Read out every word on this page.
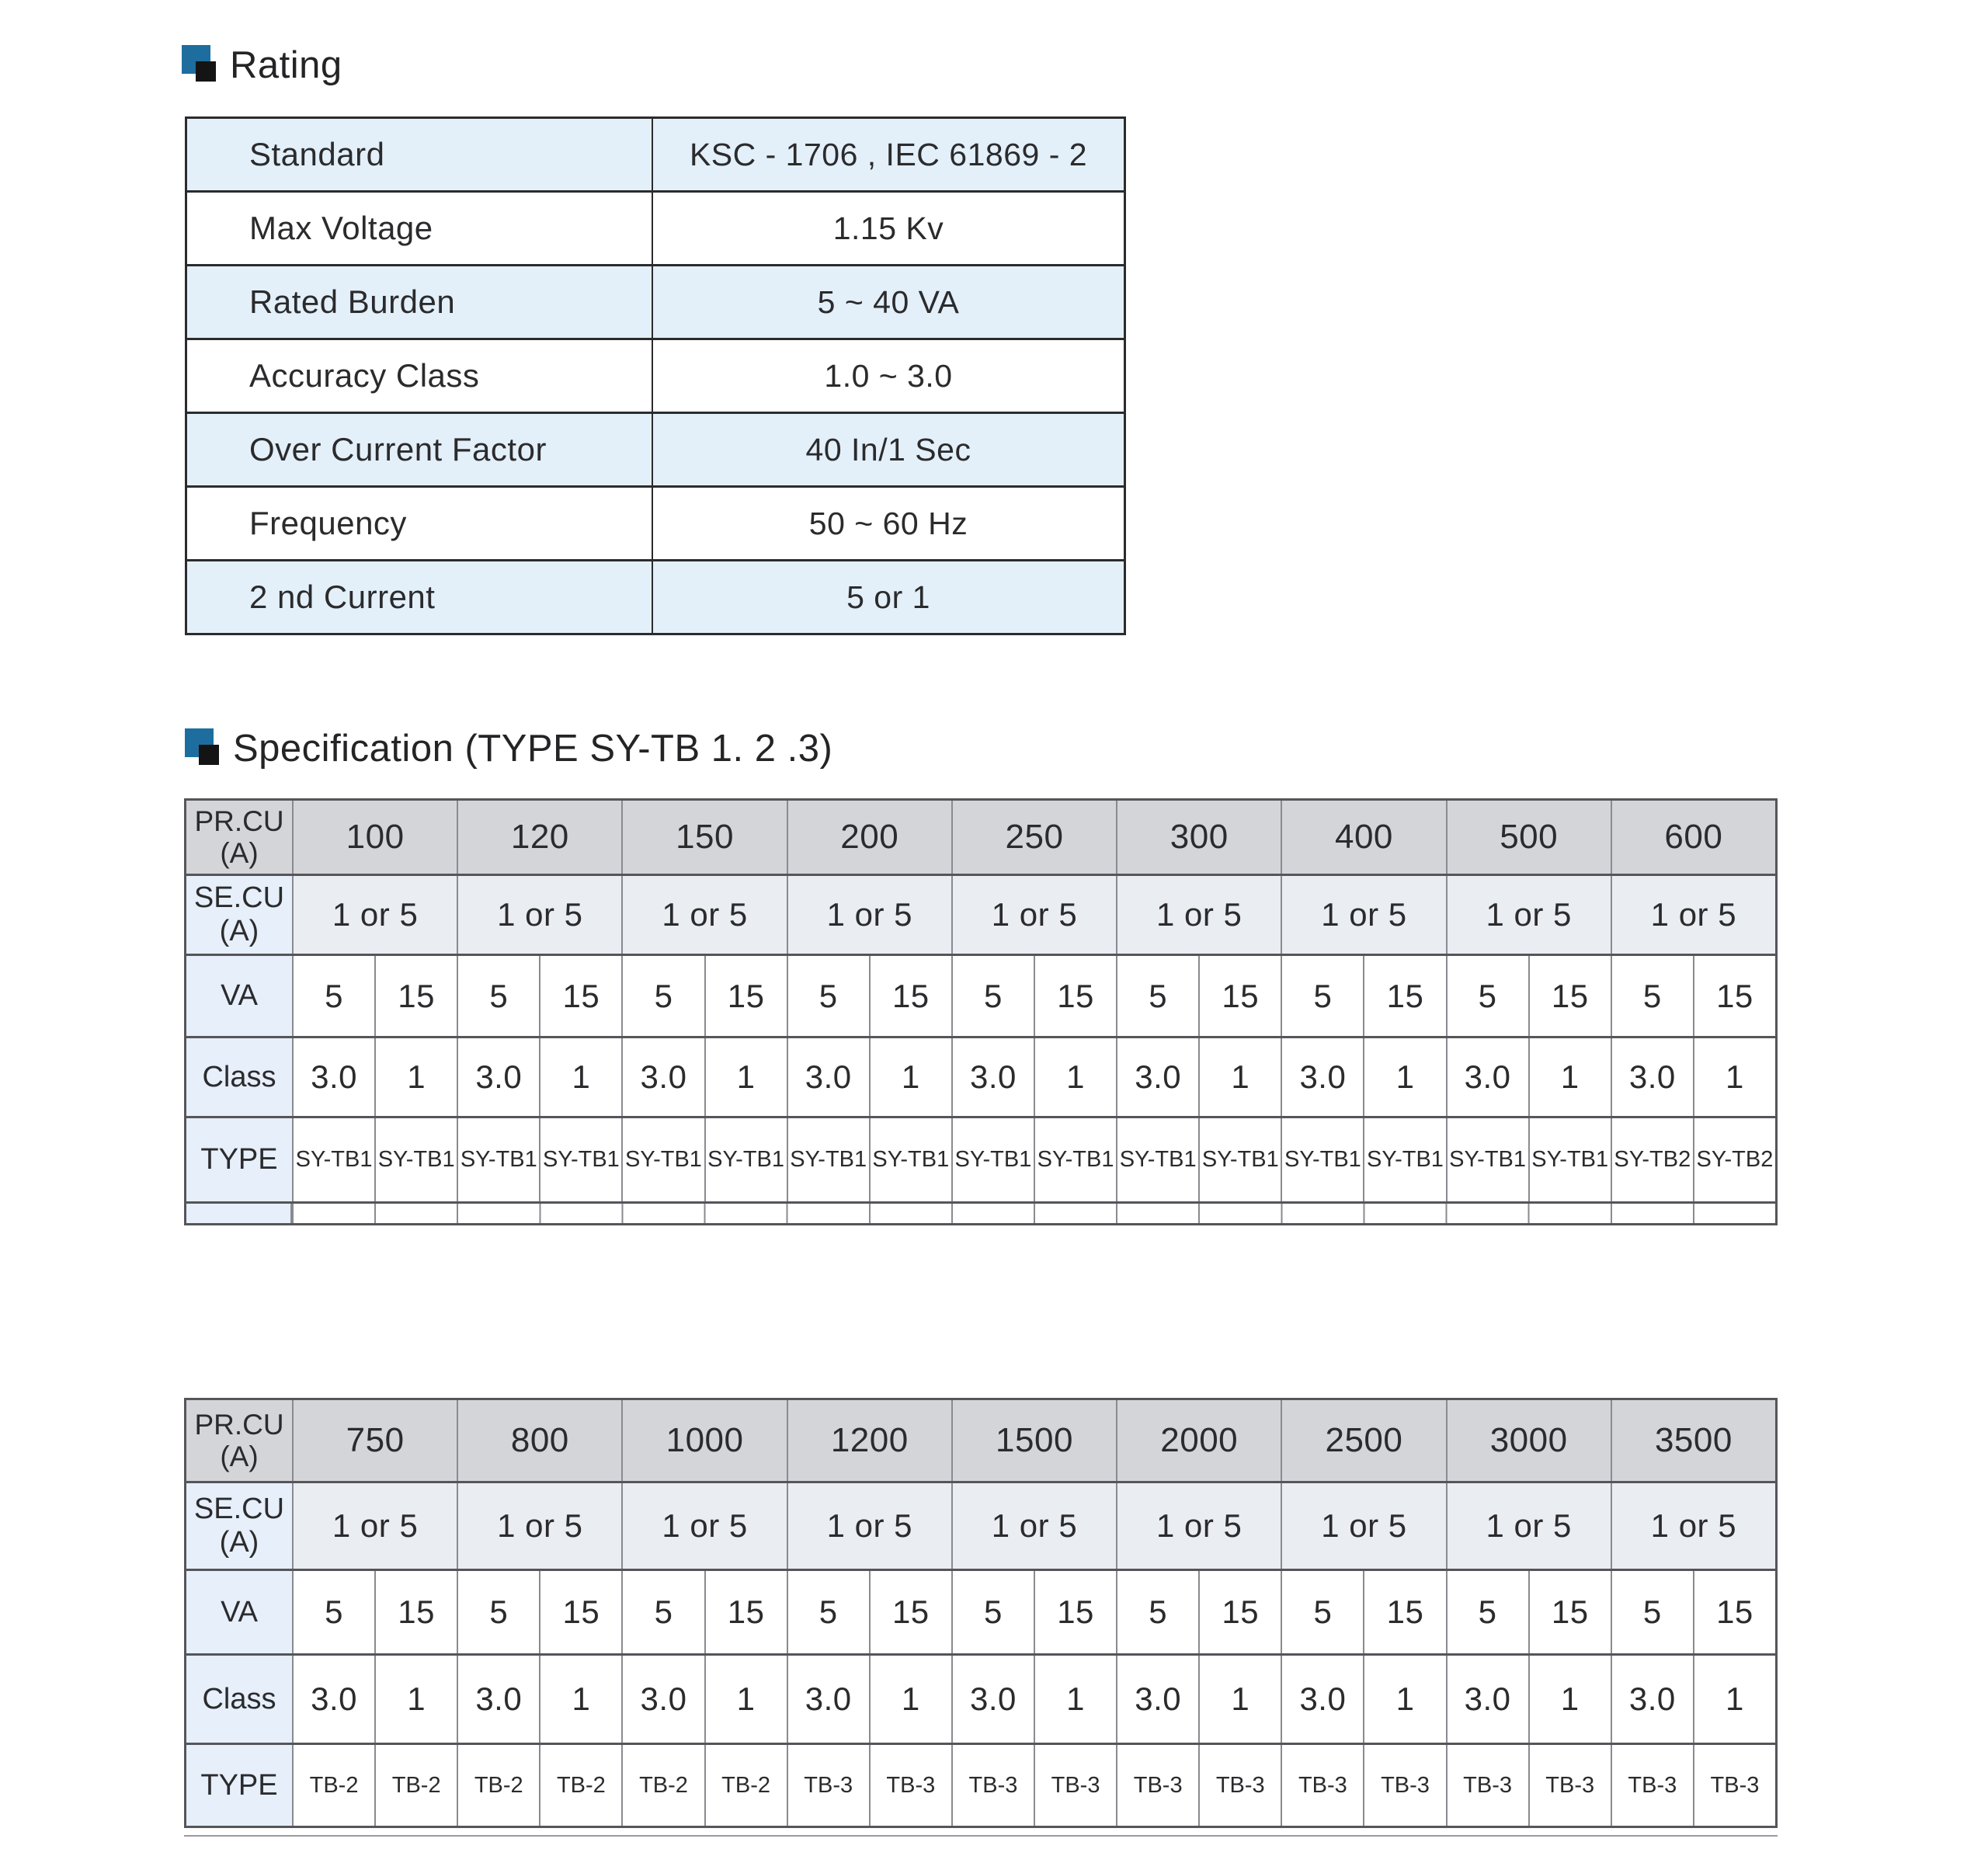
Rating
Standard	KSC - 1706 , IEC 61869 - 2
Max Voltage	1.15 Kv
Rated Burden	5 ~ 40 VA
Accuracy Class	1.0 ~ 3.0
Over Current Factor	40 In/1 Sec
Frequency	50 ~ 60 Hz
2 nd Current	5 or 1
Specification (TYPE SY-TB 1. 2 .3)
PR.CU
(A)	100	120	150	200	250	300	400	500	600
SE.CU
(A)	1 or 5	1 or 5	1 or 5	1 or 5	1 or 5	1 or 5	1 or 5	1 or 5	1 or 5
VA	5	15	5	15	5	15	5	15	5	15	5	15	5	15	5	15	5	15
Class	3.0	1	3.0	1	3.0	1	3.0	1	3.0	1	3.0	1	3.0	1	3.0	1	3.0	1
TYPE SY-TB1 SY-TB1 SY-TB1 SY-TB1 SY-TB1 SY-TB1 SY-TB1 SY-TB1 SY-TB1 SY-TB1 SY-TB1 SY-TB1 SY-TB1 SY-TB1 SY-TB1 SY-TB1 SY-TB2 SY-TB2
PR.CU
(A)	750	800	1000	1200	1500	2000	2500	3000	3500
SE.CU
(A)	1 or 5	1 or 5	1 or 5	1 or 5	1 or 5	1 or 5	1 or 5	1 or 5	1 or 5
VA	5	15	5	15	5	15	5	15	5	15	5	15	5	15	5	15	5	15
Class	3.0	1	3.0	1	3.0	1	3.0	1	3.0	1	3.0	1	3.0	1	3.0	1	3.0	1
TYPE	TB-2	TB-2	TB-2	TB-2	TB-2	TB-2	TB-3	TB-3	TB-3	TB-3	TB-3	TB-3	TB-3	TB-3	TB-3	TB-3	TB-3	TB-3
